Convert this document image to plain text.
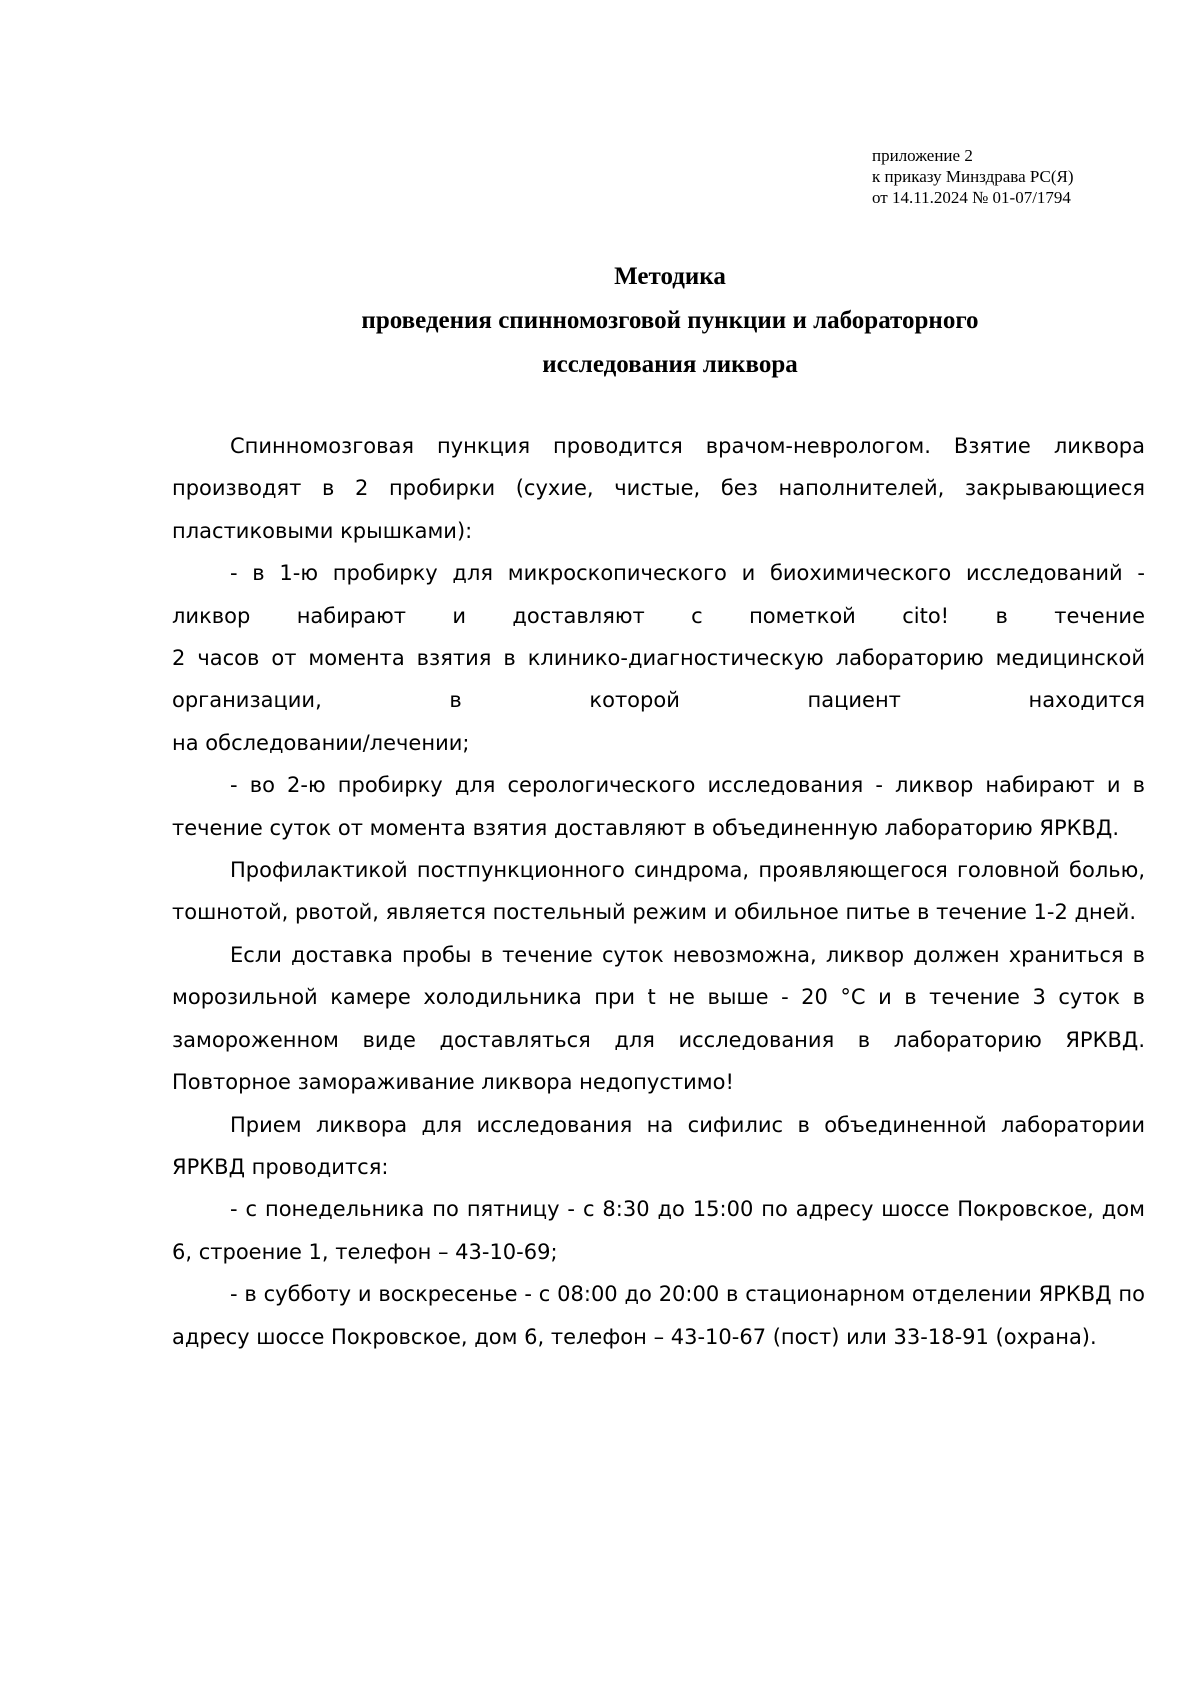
приложение 2
к приказу Минздрава РС(Я)
от 14.11.2024 № 01-07/1794
Методика
проведения спинномозговой пункции и лабораторного
исследования ликвора

Спинномозговая пункция проводится врачом-неврологом. Взятие ликвора производят в 2 пробирки (сухие, чистые, без наполнителей, закрывающиеся пластиковыми крышками):

- в 1-ю пробирку для микроскопического и биохимического исследований - ликвор набирают и доставляют с пометкой cito! в течение

2 часов от момента взятия в клинико-диагностическую лабораторию медицинской организации, в которой пациент находится

на обследовании/лечении;

- во 2-ю пробирку для серологического исследования - ликвор набирают и в течение суток от момента взятия доставляют в объединенную лабораторию ЯРКВД.

Профилактикой постпункционного синдрома, проявляющегося головной болью, тошнотой, рвотой, является постельный режим и обильное питье в течение 1-2 дней.

Если доставка пробы в течение суток невозможна, ликвор должен храниться в морозильной камере холодильника при t не выше - 20 °С и в течение 3 суток в замороженном виде доставляться для исследования в лабораторию ЯРКВД. Повторное замораживание ликвора недопустимо!

Прием ликвора для исследования на сифилис в объединенной лаборатории ЯРКВД проводится:

- с понедельника по пятницу - с 8:30 до 15:00 по адресу шоссе Покровское, дом 6, строение 1, телефон – 43-10-69;

- в субботу и воскресенье - с 08:00 до 20:00 в стационарном отделении ЯРКВД по адресу шоссе Покровское, дом 6, телефон – 43-10-67 (пост) или 33-18-91 (охрана).
